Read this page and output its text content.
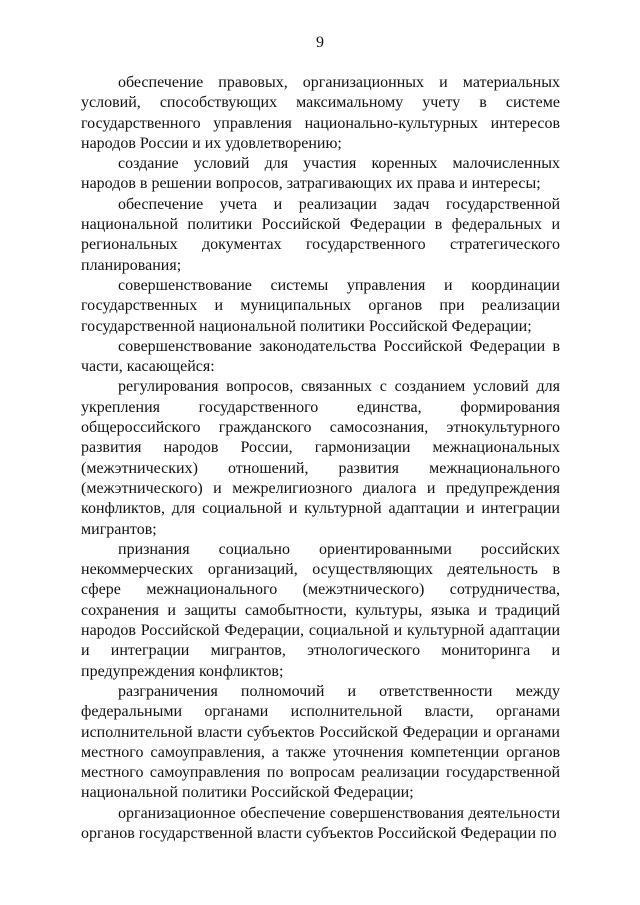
9

обеспечение правовых, организационных и материальных условий, способствующих максимальному учету в системе государственного управления национально-культурных интересов народов России и их удовлетворению;

создание условий для участия коренных малочисленных народов в решении вопросов, затрагивающих их права и интересы;

обеспечение учета и реализации задач государственной национальной политики Российской Федерации в федеральных и региональных документах государственного стратегического планирования;

совершенствование системы управления и координации государственных и муниципальных органов при реализации государственной национальной политики Российской Федерации;

совершенствование законодательства Российской Федерации в части, касающейся:

регулирования вопросов, связанных с созданием условий для укрепления государственного единства, формирования общероссийского гражданского самосознания, этнокультурного развития народов России, гармонизации межнациональных (межэтнических) отношений, развития межнационального (межэтнического) и межрелигиозного диалога и предупреждения конфликтов, для социальной и культурной адаптации и интеграции мигрантов;

признания социально ориентированными российских некоммерческих организаций, осуществляющих деятельность в сфере межнационального (межэтнического) сотрудничества, сохранения и защиты самобытности, культуры, языка и традиций народов Российской Федерации, социальной и культурной адаптации и интеграции мигрантов, этнологического мониторинга и предупреждения конфликтов;

разграничения полномочий и ответственности между федеральными органами исполнительной власти, органами исполнительной власти субъектов Российской Федерации и органами местного самоуправления, а также уточнения компетенции органов местного самоуправления по вопросам реализации государственной национальной политики Российской Федерации;

организационное обеспечение совершенствования деятельности органов государственной власти субъектов Российской Федерации по
